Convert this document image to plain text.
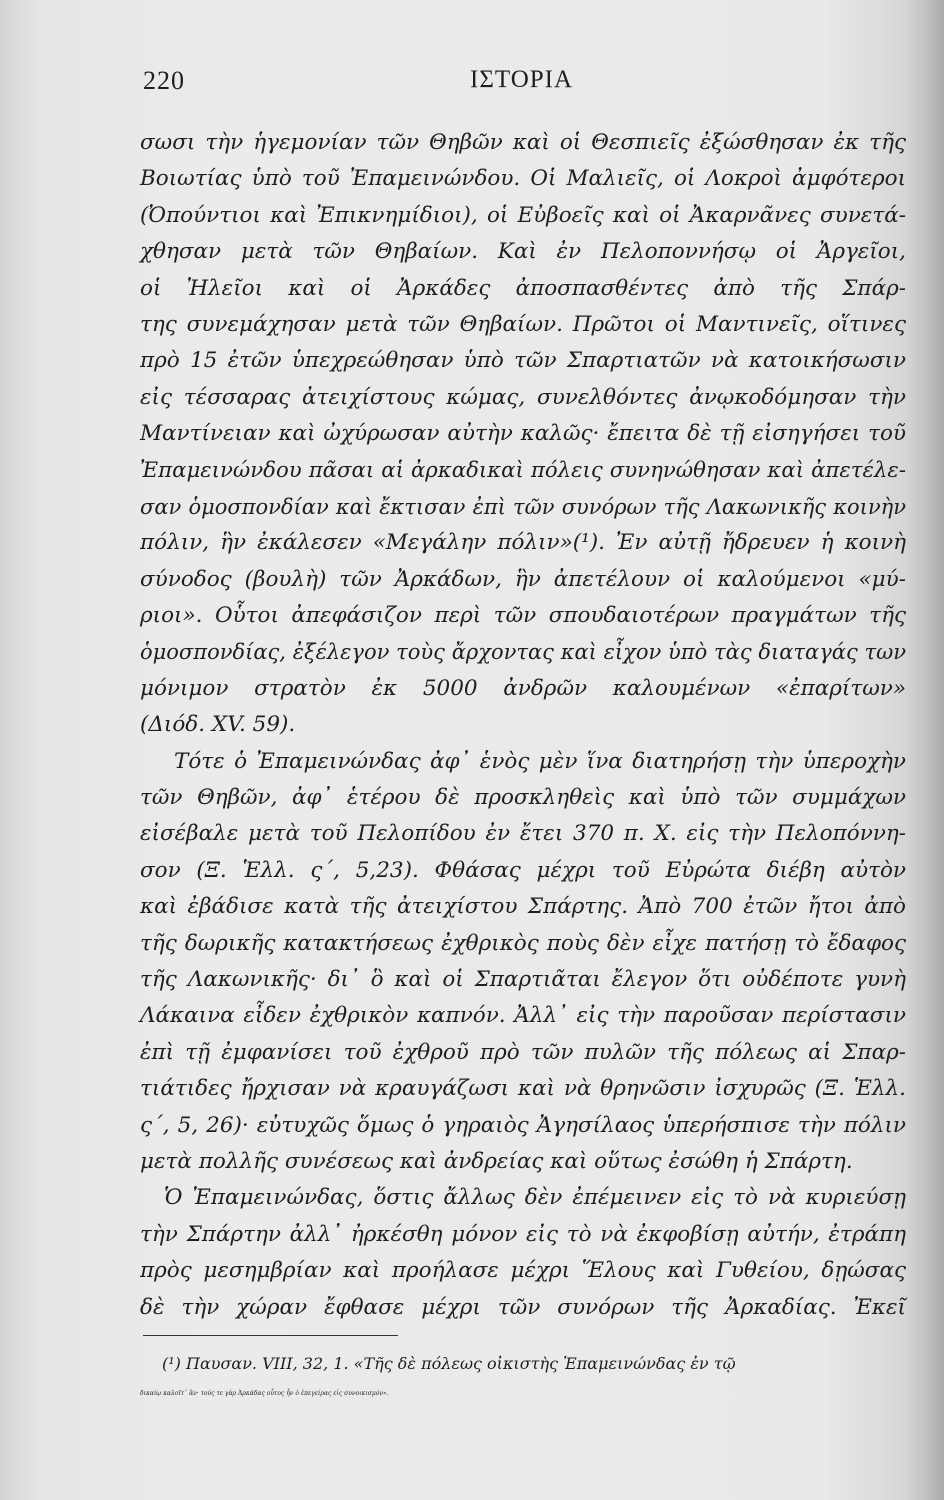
220	ΙΣΤΟΡΙΑ
σωσι τὴν ἡγεμονίαν τῶν Θηβῶν καὶ οἱ Θεσπιεῖς ἐξώσθησαν ἐκ τῆς
Βοιωτίας ὑπὸ τοῦ Ἐπαμεινώνδου. Οἱ Μαλιεῖς, οἱ Λοκροὶ ἀμφότεροι
(Ὀπούντιοι καὶ Ἐπικνημίδιοι), οἱ Εὐβοεῖς καὶ οἱ Ἀκαρνᾶνες συνετά-
χθησαν μετὰ τῶν Θηβαίων. Καὶ ἐν Πελοποννήσῳ οἱ Ἀργεῖοι,
οἱ Ἠλεῖοι καὶ οἱ Ἀρκάδες ἀποσπασθέντες ἀπὸ τῆς Σπάρ-
της συνεμάχησαν μετὰ τῶν Θηβαίων. Πρῶτοι οἱ Μαντινεῖς, οἵτινες
πρὸ 15 ἐτῶν ὑπεχρεώθησαν ὑπὸ τῶν Σπαρτιατῶν νὰ κατοικήσωσιν
εἰς τέσσαρας ἀτειχίστους κώμας, συνελθόντες ἀνῳκοδόμησαν τὴν
Μαντίνειαν καὶ ὠχύρωσαν αὐτὴν καλῶς· ἔπειτα δὲ τῇ εἰσηγήσει τοῦ
Ἐπαμεινώνδου πᾶσαι αἱ ἀρκαδικαὶ πόλεις συνηνώθησαν καὶ ἀπετέλε-
σαν ὁμοσπονδίαν καὶ ἔκτισαν ἐπὶ τῶν συνόρων τῆς Λακωνικῆς κοινὴν
πόλιν, ἣν ἐκάλεσεν «Μεγάλην πόλιν»(¹). Ἐν αὐτῇ ἤδρευεν ἡ κοινὴ
σύνοδος (βουλὴ) τῶν Ἀρκάδων, ἣν ἀπετέλουν οἱ καλούμενοι «μύ-
ριοι». Οὗτοι ἀπεφάσιζον περὶ τῶν σπουδαιοτέρων πραγμάτων τῆς
ὁμοσπονδίας, ἐξέλεγον τοὺς ἄρχοντας καὶ εἶχον ὑπὸ τὰς διαταγάς των
μόνιμον στρατὸν ἐκ 5000 ἀνδρῶν καλουμένων «ἐπαρίτων»
(Διόδ. XV. 59).
Τότε ὁ Ἐπαμεινώνδας ἀφ᾽ ἑνὸς μὲν ἵνα διατηρήσῃ τὴν ὑπεροχὴν
τῶν Θηβῶν, ἀφ᾽ ἑτέρου δὲ προσκληθεὶς καὶ ὑπὸ τῶν συμμάχων
εἰσέβαλε μετὰ τοῦ Πελοπίδου ἐν ἔτει 370 π. Χ. εἰς τὴν Πελοπόννη-
σον (Ξ. Ἑλλ. ς΄, 5,23). Φθάσας μέχρι τοῦ Εὐρώτα διέβη αὐτὸν
καὶ ἐβάδισε κατὰ τῆς ἀτειχίστου Σπάρτης. Ἀπὸ 700 ἐτῶν ἤτοι ἀπὸ
τῆς δωρικῆς κατακτήσεως ἐχθρικὸς ποὺς δὲν εἶχε πατήσῃ τὸ ἔδαφος
τῆς Λακωνικῆς· δι᾽ ὃ καὶ οἱ Σπαρτιᾶται ἔλεγον ὅτι οὐδέποτε γυνὴ
Λάκαινα εἶδεν ἐχθρικὸν καπνόν. Ἀλλ᾽ εἰς τὴν παροῦσαν περίστασιν
ἐπὶ τῇ ἐμφανίσει τοῦ ἐχθροῦ πρὸ τῶν πυλῶν τῆς πόλεως αἱ Σπαρ-
τιάτιδες ἤρχισαν νὰ κραυγάζωσι καὶ νὰ θρηνῶσιν ἰσχυρῶς (Ξ. Ἑλλ.
ς΄, 5, 26)· εὐτυχῶς ὅμως ὁ γηραιὸς Ἀγησίλαος ὑπερήσπισε τὴν πόλιν
μετὰ πολλῆς συνέσεως καὶ ἀνδρείας καὶ οὕτως ἐσώθη ἡ Σπάρτη.
Ὁ Ἐπαμεινώνδας, ὅστις ἄλλως δὲν ἐπέμεινεν εἰς τὸ νὰ κυριεύσῃ
τὴν Σπάρτην ἀλλ᾽ ἠρκέσθη μόνον εἰς τὸ νὰ ἐκφοβίσῃ αὐτήν, ἐτράπη
πρὸς μεσημβρίαν καὶ προήλασε μέχρι Ἕλους καὶ Γυθείου, δῃώσας
δὲ τὴν χώραν ἔφθασε μέχρι τῶν συνόρων τῆς Ἀρκαδίας. Ἐκεῖ
(¹) Παυσαν. VIII, 32, 1. «Τῆς δὲ πόλεως οἰκιστὴς Ἐπαμεινώνδας ἐν τῷ
δικαίῳ καλοῖτ᾽ ἂν· τούς τε γὰρ Ἀρκάδας οὗτος ἦν ὁ ἐπεγείρας εἰς συνοικισμόν».
